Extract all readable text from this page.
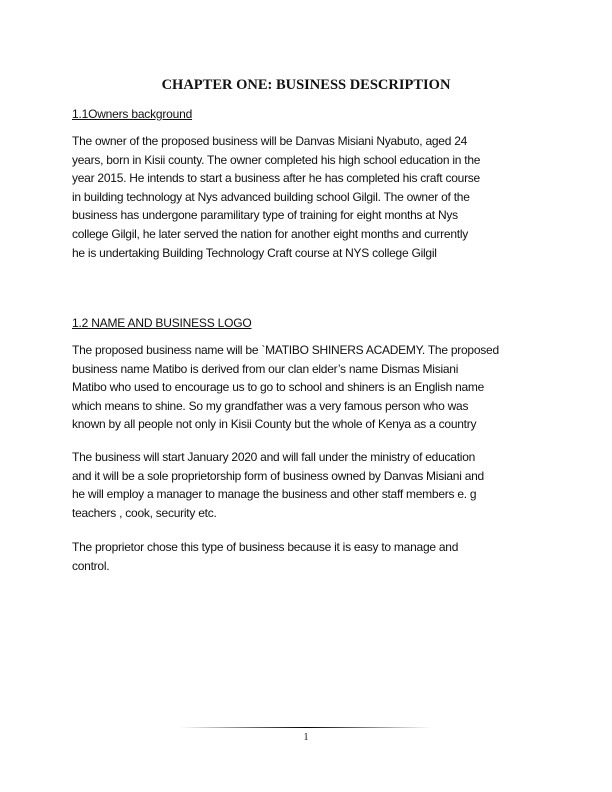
CHAPTER ONE: BUSINESS DESCRIPTION
1.1Owners background
The owner of the proposed business will be Danvas Misiani Nyabuto, aged 24
years, born in Kisii county. The owner completed his high school education in the
year 2015. He intends to start a business after he has completed his craft course
in building technology at Nys advanced building school Gilgil. The owner of the
business has undergone paramilitary type of training for eight months at Nys
college Gilgil, he later served the nation for another eight months and currently
he is undertaking Building Technology Craft course at NYS college Gilgil
1.2 NAME AND BUSINESS LOGO
The proposed business name will be `MATIBO SHINERS ACADEMY. The proposed
business name Matibo is derived from our clan elder’s name Dismas Misiani
Matibo who used to encourage us to go to school and shiners is an English name
which means to shine. So my grandfather was a very famous person who was
known by all people not only in Kisii County but the whole of Kenya as a country
The business will start January 2020 and will fall under the ministry of education
and it will be a sole proprietorship form of business owned by Danvas Misiani and
he will employ a manager to manage the business and other staff members e. g
teachers , cook, security etc.
The proprietor chose this type of business because it is easy to manage and
control.
1
